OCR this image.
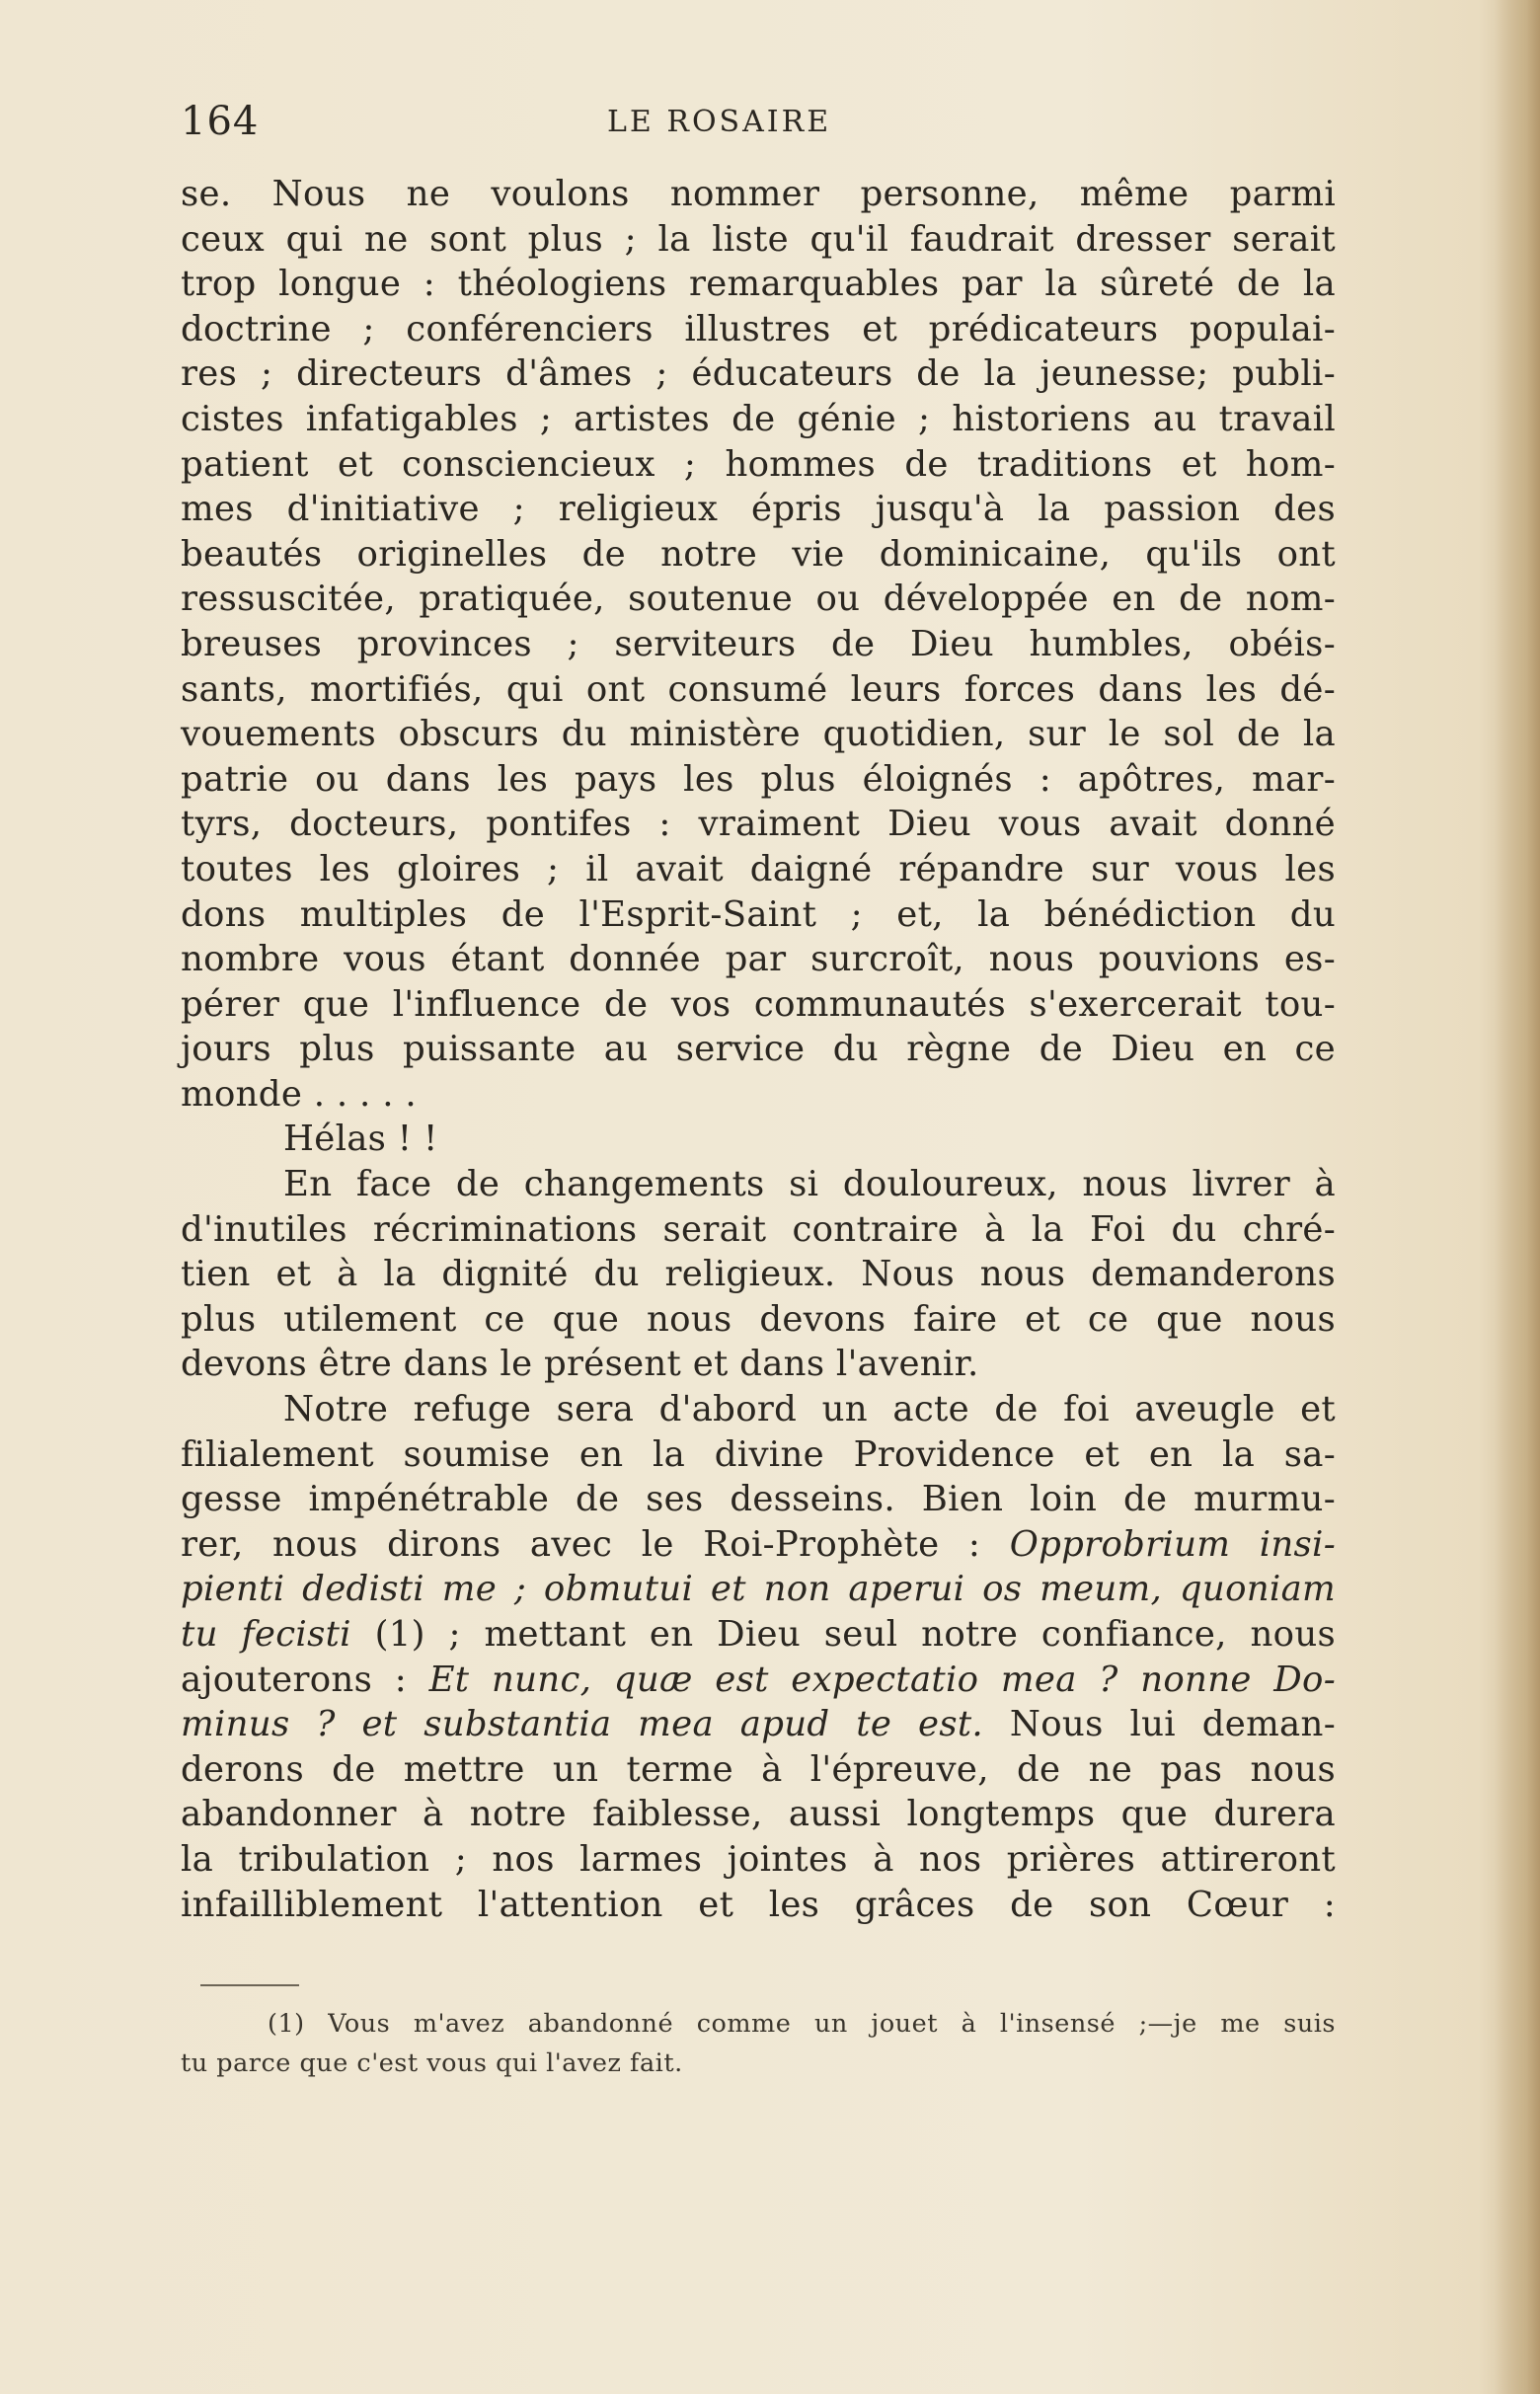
164	LE ROSAIRE
se. Nous ne voulons nommer personne, même parmi
ceux qui ne sont plus ; la liste qu'il faudrait dresser serait
trop longue : théologiens remarquables par la sûreté de la
doctrine ; conférenciers illustres et prédicateurs populai-
res ; directeurs d'âmes ; éducateurs de la jeunesse; publi-
cistes infatigables ; artistes de génie ; historiens au travail
patient et consciencieux ; hommes de traditions et hom-
mes d'initiative ; religieux épris jusqu'à la passion des
beautés originelles de notre vie dominicaine, qu'ils ont
ressuscitée, pratiquée, soutenue ou développée en de nom-
breuses provinces ; serviteurs de Dieu humbles, obéis-
sants, mortifiés, qui ont consumé leurs forces dans les dé-
vouements obscurs du ministère quotidien, sur le sol de la
patrie ou dans les pays les plus éloignés : apôtres, mar-
tyrs, docteurs, pontifes : vraiment Dieu vous avait donné
toutes les gloires ; il avait daigné répandre sur vous les
dons multiples de l'Esprit-Saint ; et, la bénédiction du
nombre vous étant donnée par surcroît, nous pouvions es-
pérer que l'influence de vos communautés s'exercerait tou-
jours plus puissante au service du règne de Dieu en ce
monde . . . . .
Hélas ! !
En face de changements si douloureux, nous livrer à
d'inutiles récriminations serait contraire à la Foi du chré-
tien et à la dignité du religieux. Nous nous demanderons
plus utilement ce que nous devons faire et ce que nous
devons être dans le présent et dans l'avenir.
Notre refuge sera d'abord un acte de foi aveugle et
filialement soumise en la divine Providence et en la sa-
gesse impénétrable de ses desseins. Bien loin de murmu-
rer, nous dirons avec le Roi-Prophète : Opprobrium insi-
pienti dedisti me ; obmutui et non aperui os meum, quoniam
tu fecisti (1) ; mettant en Dieu seul notre confiance, nous
ajouterons : Et nunc, quæ est expectatio mea ? nonne Do-
minus ? et substantia mea apud te est. Nous lui deman-
derons de mettre un terme à l'épreuve, de ne pas nous
abandonner à notre faiblesse, aussi longtemps que durera
la tribulation ; nos larmes jointes à nos prières attireront
infailliblement l'attention et les grâces de son Cœur :
(1) Vous m'avez abandonné comme un jouet à l'insensé ;—je me suis
tu parce que c'est vous qui l'avez fait.
